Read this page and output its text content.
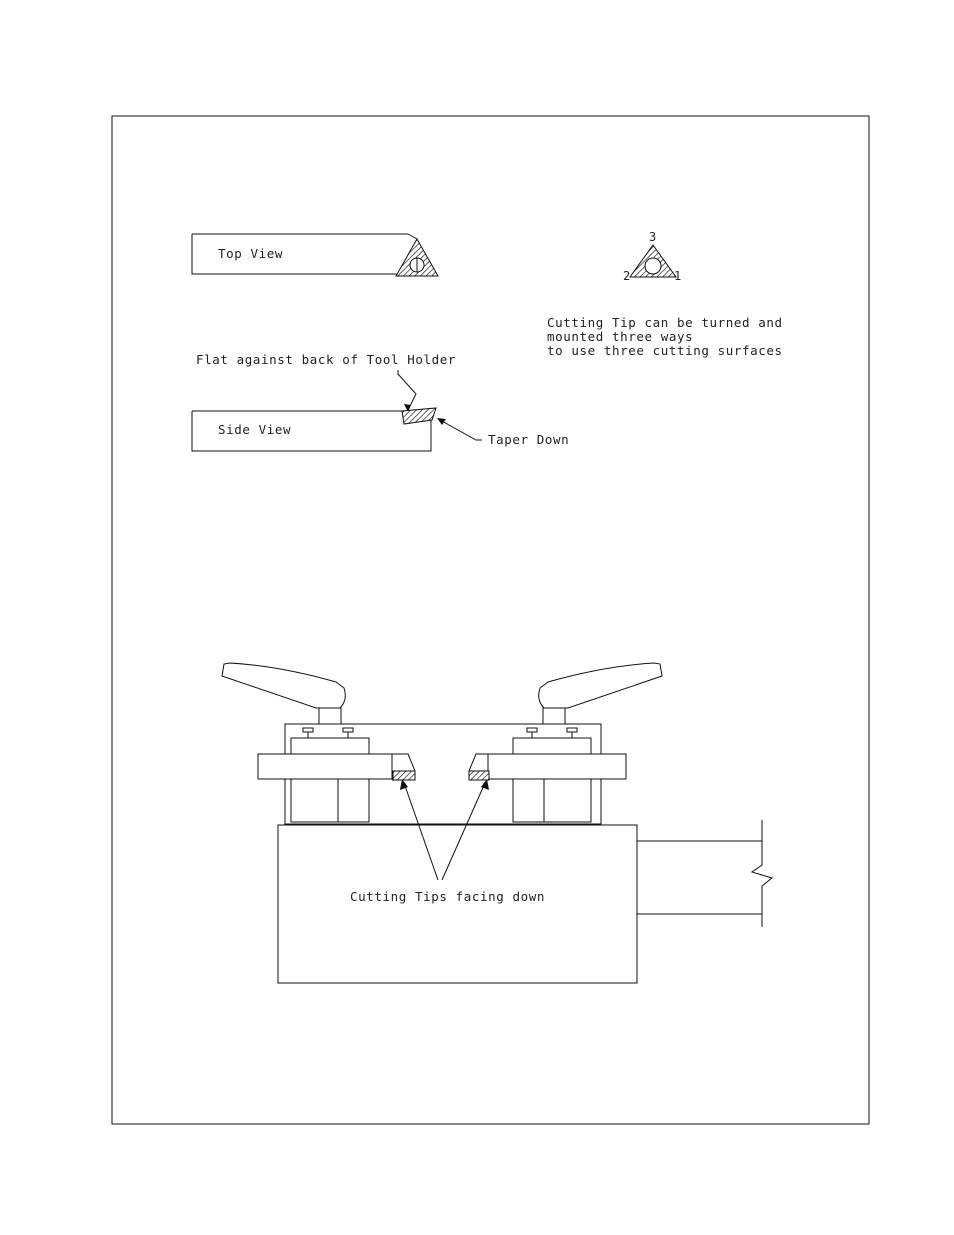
Top View
3
2	1
Cutting Tip can be turned and
mounted three ways
to use three cutting surfaces
Flat against back of Tool Holder
Side View
Taper Down
Cutting Tips facing down
